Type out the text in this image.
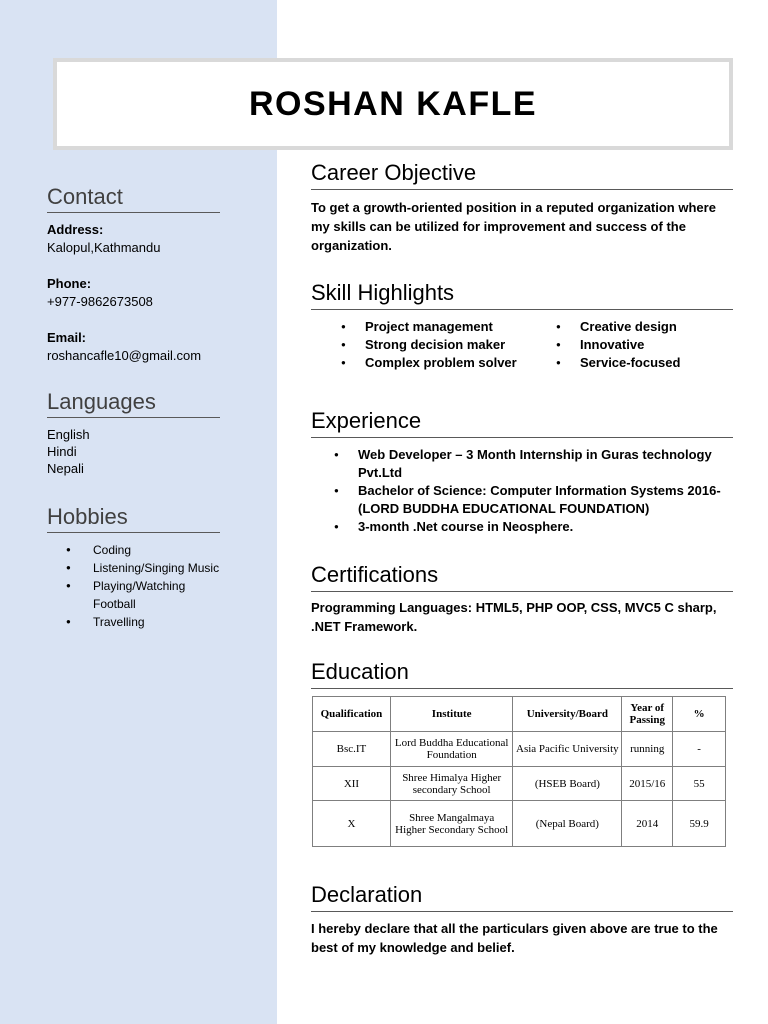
ROSHAN KAFLE
Contact
Address:
Kalopul,Kathmandu
Phone:
+977-9862673508
Email:
roshancafle10@gmail.com
Languages
English
Hindi
Nepali
Hobbies
● Coding
● Listening/Singing Music
● Playing/Watching Football
● Travelling
Career Objective

To get a growth-oriented position in a reputed organization where my skills can be utilized for improvement and success of the organization.

Skill Highlights
● Project management
● Strong decision maker
● Complex problem solver
● Creative design
● Innovative
● Service-focused
Experience
● Web Developer – 3 Month Internship in Guras technology Pvt.Ltd
● Bachelor of Science: Computer Information Systems 2016- (LORD BUDDHA EDUCATIONAL FOUNDATION)
● 3-month .Net course in Neosphere.
Certifications

Programming Languages: HTML5, PHP OOP, CSS, MVC5 C sharp, .NET Framework.

Education
Qualification	Institute	University/Board	Year of Passing	%
Bsc.IT	Lord Buddha Educational Foundation	Asia Pacific University	running	-
XII	Shree Himalya Higher secondary School	(HSEB Board)	2015/16	55
X	Shree Mangalmaya Higher Secondary School	(Nepal Board)	2014	59.9
Declaration

I hereby declare that all the particulars given above are true to the best of my knowledge and belief.
